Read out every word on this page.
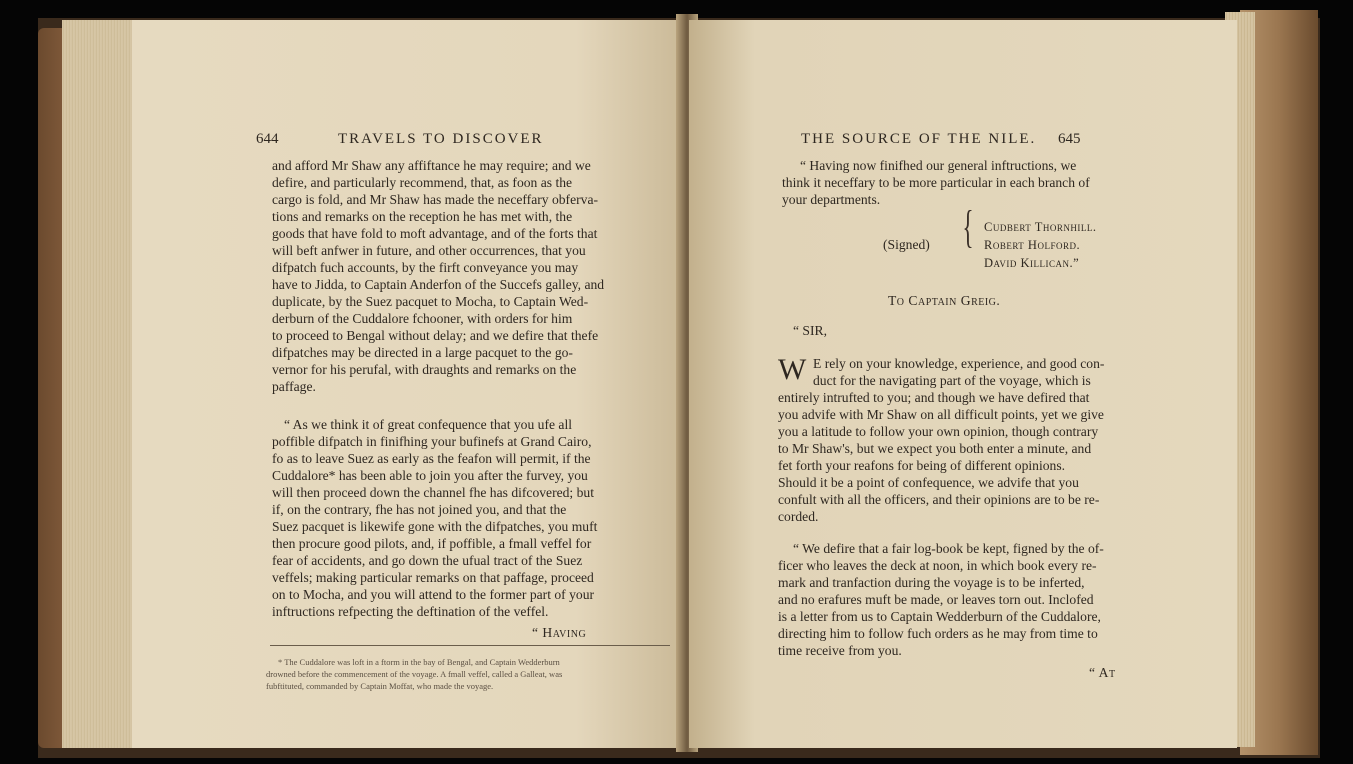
644	TRAVELS TO DISCOVER
and afford Mr Shaw any affiftance he may require; and we
defire, and particularly recommend, that, as foon as the
cargo is fold, and Mr Shaw has made the neceffary obferva-
tions and remarks on the reception he has met with, the
goods that have fold to moft advantage, and of the forts that
will beft anfwer in future, and other occurrences, that you
difpatch fuch accounts, by the firft conveyance you may
have to Jidda, to Captain Anderfon of the Succefs galley, and
duplicate, by the Suez pacquet to Mocha, to Captain Wed-
derburn of the Cuddalore fchooner, with orders for him
to proceed to Bengal without delay; and we defire that thefe
difpatches may be directed in a large pacquet to the go-
vernor for his perufal, with draughts and remarks on the
paffage.
“ As we think it of great confequence that you ufe all
poffible difpatch in finifhing your bufinefs at Grand Cairo,
fo as to leave Suez as early as the feafon will permit, if the
Cuddalore* has been able to join you after the furvey, you
will then proceed down the channel fhe has difcovered; but
if, on the contrary, fhe has not joined you, and that the
Suez pacquet is likewife gone with the difpatches, you muft
then procure good pilots, and, if poffible, a fmall veffel for
fear of accidents, and go down the ufual tract of the Suez
veffels; making particular remarks on that paffage, proceed
on to Mocha, and you will attend to the former part of your
inftructions refpecting the deftination of the veffel.
“ Having
* The Cuddalore was loft in a ftorm in the bay of Bengal, and Captain Wedderburn
drowned before the commencement of the voyage. A fmall veffel, called a Galleat, was
fubftituted, commanded by Captain Moffat, who made the voyage.
THE SOURCE OF THE NILE. 645
“ Having now finifhed our general inftructions, we
think it neceffary to be more particular in each branch of
your departments.
(Signed) { Cudbert Thornhill.
Robert Holford.
David Killican.”
To Captain Greig.
“ SIR,
W E rely on your knowledge, experience, and good con-
duct for the navigating part of the voyage, which is
entirely intrufted to you; and though we have defired that
you advife with Mr Shaw on all difficult points, yet we give
you a latitude to follow your own opinion, though contrary
to Mr Shaw's, but we expect you both enter a minute, and
fet forth your reafons for being of different opinions.
Should it be a point of confequence, we advife that you
confult with all the officers, and their opinions are to be re-
corded.
“ We defire that a fair log-book be kept, figned by the of-
ficer who leaves the deck at noon, in which book every re-
mark and tranfaction during the voyage is to be inferted,
and no erafures muft be made, or leaves torn out. Inclofed
is a letter from us to Captain Wedderburn of the Cuddalore,
directing him to follow fuch orders as he may from time to
time receive from you.
“ At
